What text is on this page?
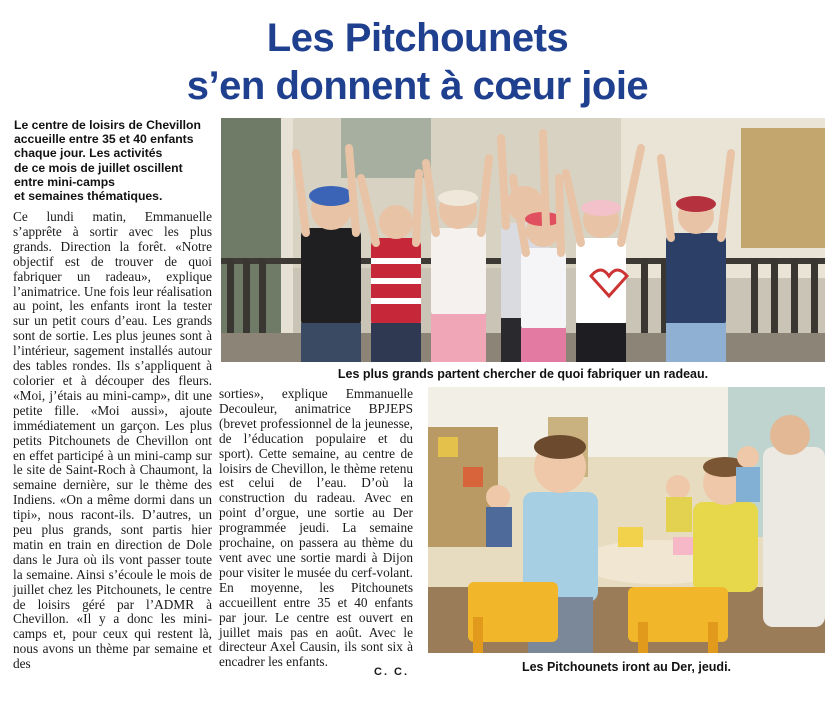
Les Pitchounets
s’en donnent à cœur joie
Le centre de loisirs de Chevillon
accueille entre 35 et 40 enfants
chaque jour. Les activités
de ce mois de juillet oscillent
entre mini-camps
et semaines thématiques.

Ce lundi matin, Emmanuelle s’apprête à sortir avec les plus grands. Direction la forêt. «Notre objectif est de trouver de quoi fabriquer un radeau», explique l’animatrice. Une fois leur réalisation au point, les enfants iront la tester sur un petit cours d’eau. Les grands sont de sortie. Les plus jeunes sont à l’intérieur, sagement installés autour des tables rondes. Ils s’appliquent à colorier et à découper des fleurs. «Moi, j’étais au mini-camp», dit une petite fille. «Moi aussi», ajoute immédiatement un garçon. Les plus petits Pitchounets de Chevillon ont en effet participé à un mini-camp sur le site de Saint-Roch à Chaumont, la semaine dernière, sur le thème des Indiens. «On a même dormi dans un tipi», nous racont-ils. D’autres, un peu plus grands, sont partis hier matin en train en direction de Dole dans le Jura où ils vont passer toute la semaine. Ainsi s’écoule le mois de juillet chez les Pitchounets, le centre de loisirs géré par l’ADMR à Chevillon. «Il y a donc les mini-camps et, pour ceux qui restent là, nous avons un thème par semaine et des

sorties», explique Emmanuelle Decouleur, animatrice BPJEPS (brevet professionnel de la jeunesse, de l’éducation populaire et du sport). Cette semaine, au centre de loisirs de Chevillon, le thème retenu est celui de l’eau. D’où la construction du radeau. Avec en point d’orgue, une sortie au Der programmée jeudi. La semaine prochaine, on passera au thème du vent avec une sortie mardi à Dijon pour visiter le musée du cerf-volant. En moyenne, les Pitchounets accueillent entre 35 et 40 enfants par jour. Le centre est ouvert en juillet mais pas en août. Avec le directeur Axel Causin, ils sont six à encadrer les enfants.

C. C.
Les plus grands partent chercher de quoi fabriquer un radeau.
Les Pitchounets iront au Der, jeudi.
